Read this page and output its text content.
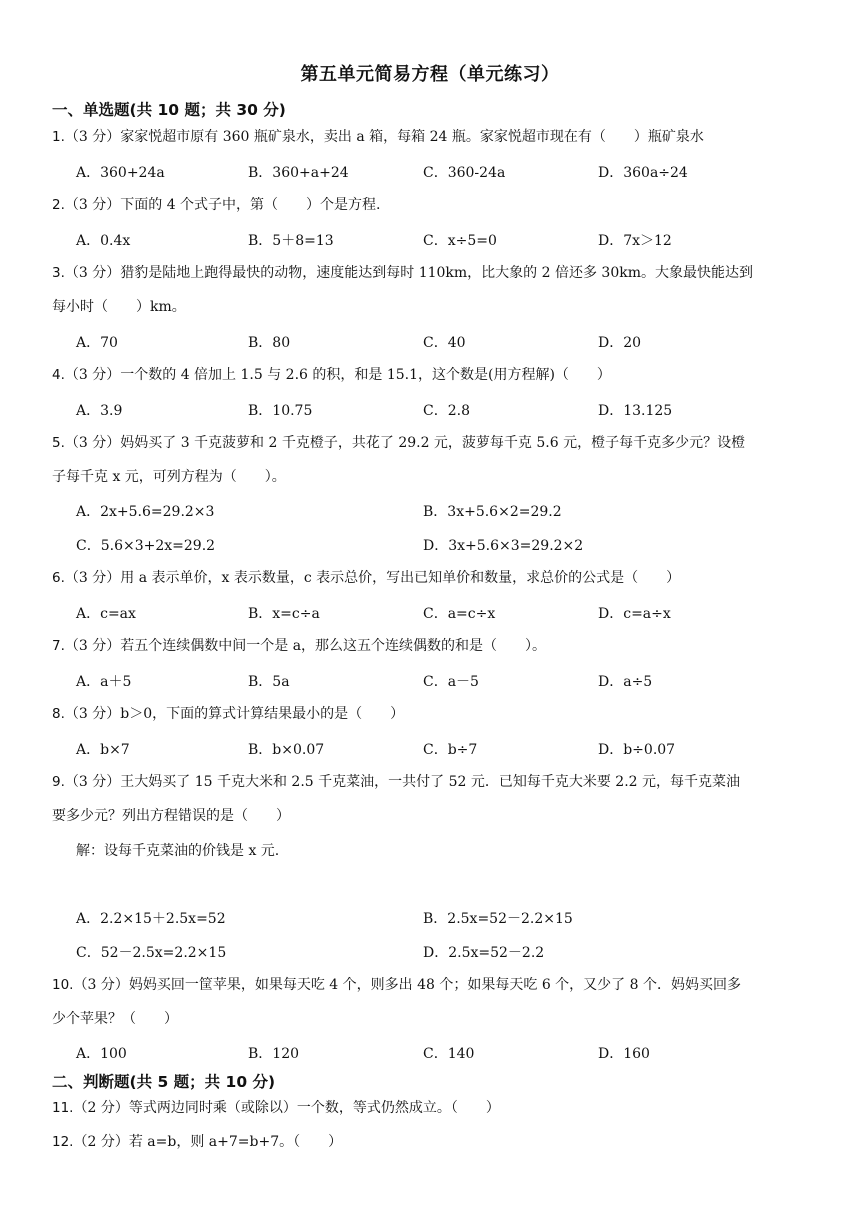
第五单元简易方程（单元练习）
一、单选题(共 10 题；共 30 分)
1.（3 分）家家悦超市原有 360 瓶矿泉水，卖出 a 箱，每箱 24 瓶。家家悦超市现在有（　　）瓶矿泉水
A．360+24a	B．360+a+24	C．360-24a	D．360a÷24
2.（3 分）下面的 4 个式子中，第（　　）个是方程.
A．0.4x	B．5＋8=13	C．x÷5=0	D．7x＞12
3.（3 分）猎豹是陆地上跑得最快的动物，速度能达到每时 110km，比大象的 2 倍还多 30km。大象最快能达到
每小时（　　）km。
A．70	B．80	C．40	D．20
4.（3 分）一个数的 4 倍加上 1.5 与 2.6 的积，和是 15.1，这个数是(用方程解)（　　）
A．3.9	B．10.75	C．2.8	D．13.125
5.（3 分）妈妈买了 3 千克菠萝和 2 千克橙子，共花了 29.2 元，菠萝每千克 5.6 元，橙子每千克多少元？设橙
子每千克 x 元，可列方程为（　　）。
A．2x+5.6=29.2×3	B．3x+5.6×2=29.2
C．5.6×3+2x=29.2	D．3x+5.6×3=29.2×2
6.（3 分）用 a 表示单价，x 表示数量，c 表示总价，写出已知单价和数量，求总价的公式是（　　）
A．c=ax	B．x=c÷a	C．a=c÷x	D．c=a÷x
7.（3 分）若五个连续偶数中间一个是 a，那么这五个连续偶数的和是（　　）。
A．a＋5	B．5a	C．a－5	D．a÷5
8.（3 分）b＞0，下面的算式计算结果最小的是（　　）
A．b×7	B．b×0.07	C．b÷7	D．b÷0.07
9.（3 分）王大妈买了 15 千克大米和 2.5 千克菜油，一共付了 52 元．已知每千克大米要 2.2 元，每千克菜油
要多少元？列出方程错误的是（　　）
解：设每千克菜油的价钱是 x 元.
A．2.2×15＋2.5x=52	B．2.5x=52－2.2×15
C．52－2.5x=2.2×15	D．2.5x=52－2.2
10.（3 分）妈妈买回一筐苹果，如果每天吃 4 个，则多出 48 个；如果每天吃 6 个，又少了 8 个．妈妈买回多
少个苹果？（　　）
A．100	B．120	C．140	D．160
二、判断题(共 5 题；共 10 分)
11.（2 分）等式两边同时乘（或除以）一个数，等式仍然成立。（　　）
12.（2 分）若 a=b，则 a+7=b+7。（　　）
